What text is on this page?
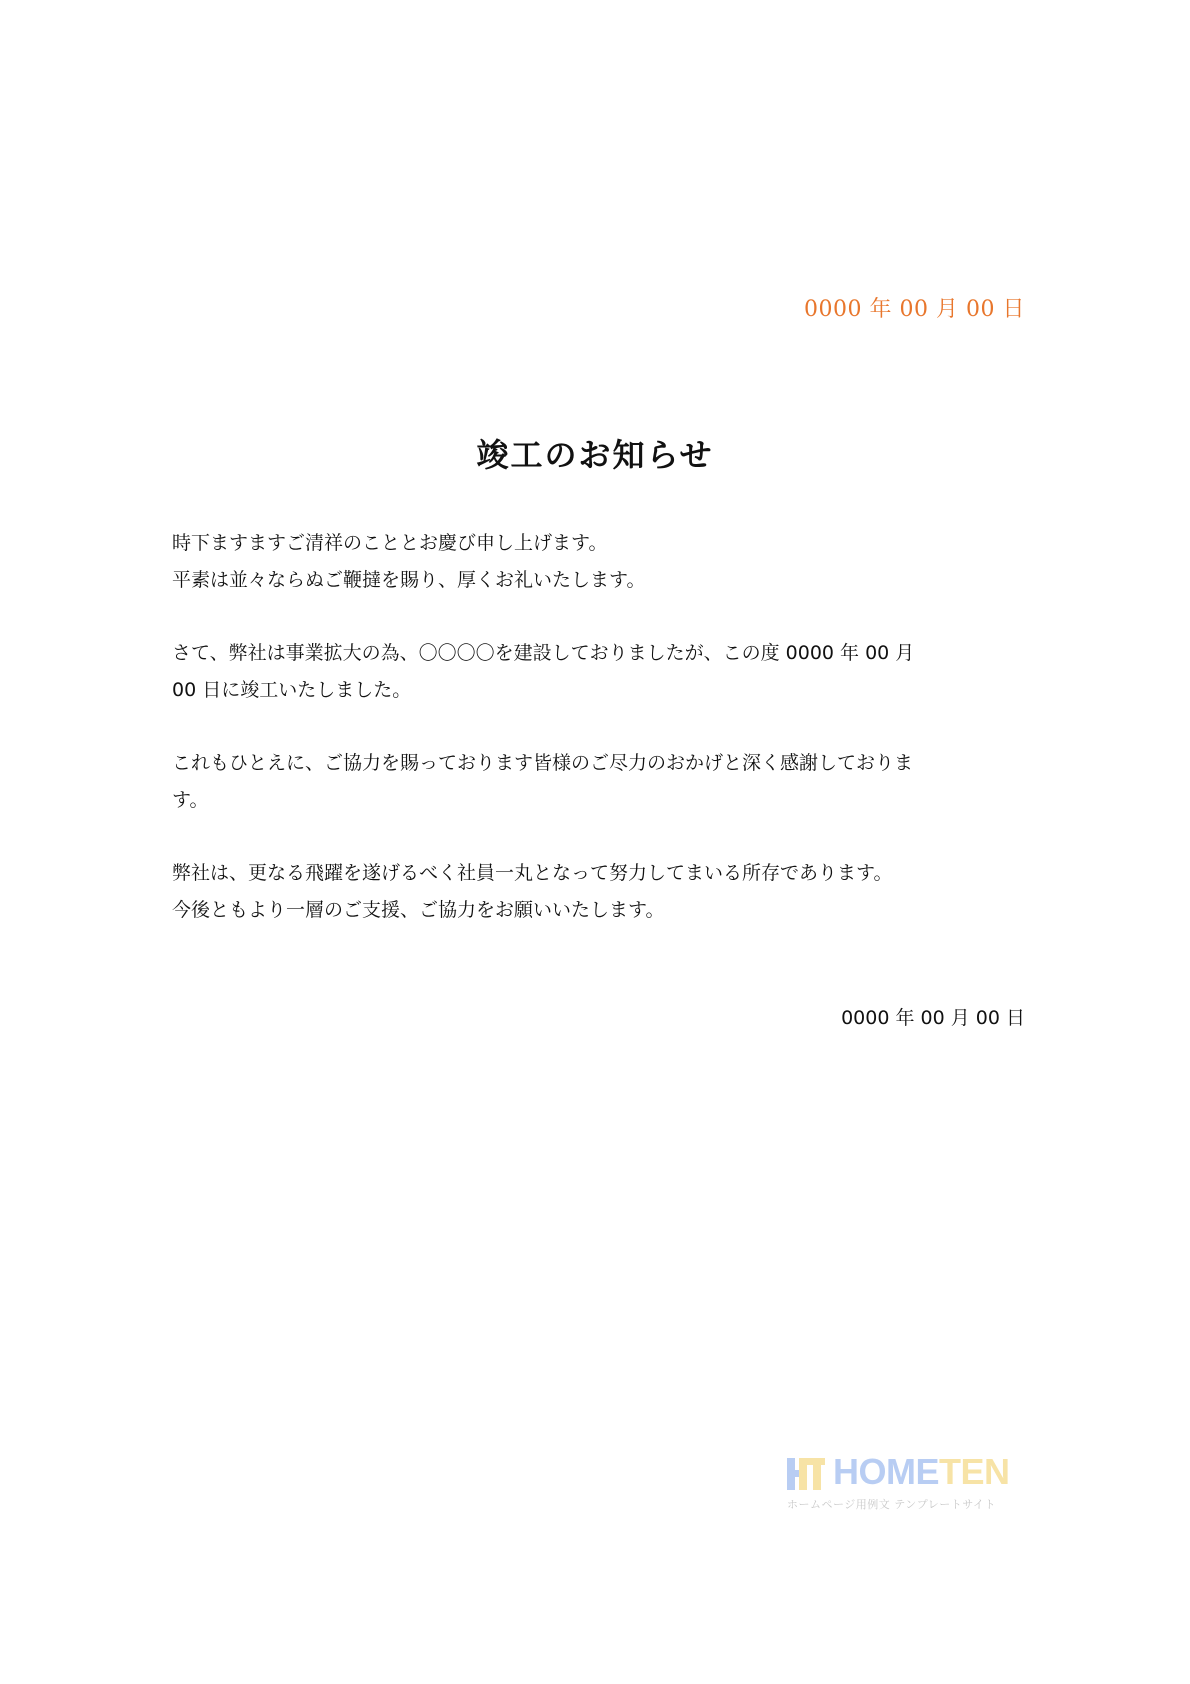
0000 年 00 月 00 日
竣工のお知らせ
時下ますますご清祥のこととお慶び申し上げます。
平素は並々ならぬご鞭撻を賜り、厚くお礼いたします。
さて、弊社は事業拡大の為、〇〇〇〇を建設しておりましたが、この度 0000 年 00 月
00 日に竣工いたしました。
これもひとえに、ご協力を賜っております皆様のご尽力のおかげと深く感謝しておりま
す。
弊社は、更なる飛躍を遂げるべく社員一丸となって努力してまいる所存であります。
今後ともより一層のご支援、ご協力をお願いいたします。
0000 年 00 月 00 日
HOMETEN
ホームページ用例文 テンプレートサイト
